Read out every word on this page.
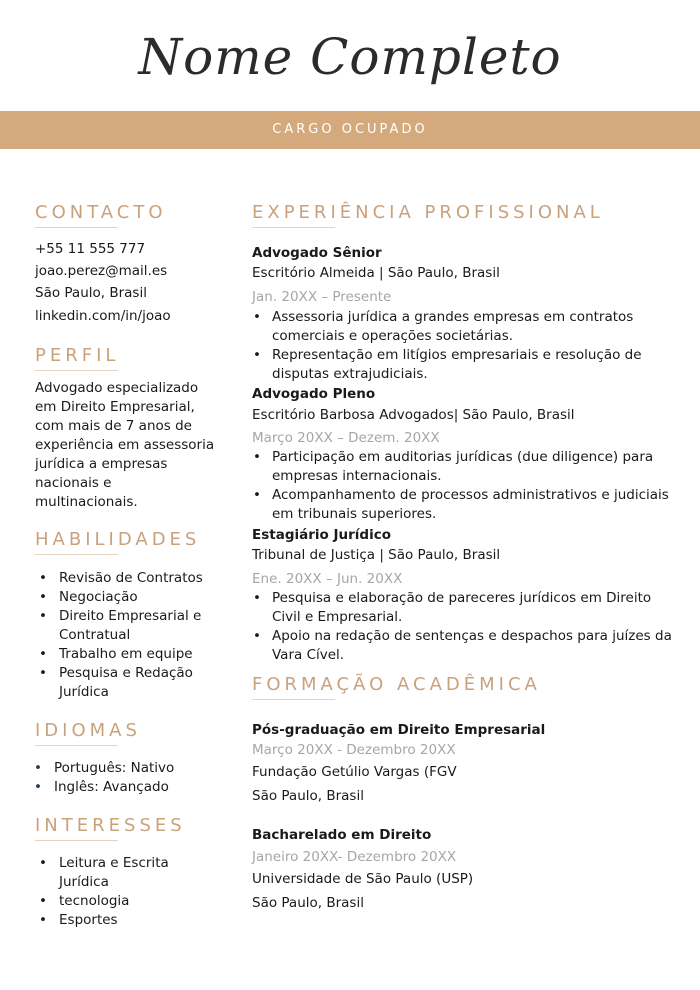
Nome Completo
CARGO OCUPADO
CONTACTO
+55 11 555 777
joao.perez@mail.es
São Paulo, Brasil
linkedin.com/in/joao
PERFIL
Advogado especializado
em Direito Empresarial,
com mais de 7 anos de
experiência em assessoria
jurídica a empresas
nacionais e
multinacionais.
HABILIDADES
• Revisão de Contratos
• Negociação
• Direito Empresarial e Contratual
• Trabalho em equipe
• Pesquisa e Redação Jurídica
IDIOMAS
• Português: Nativo
• Inglês: Avançado
INTERESSES
• Leitura e Escrita Jurídica
• tecnologia
• Esportes
EXPERIÊNCIA PROFISSIONAL
Advogado Sênior
Escritório Almeida | São Paulo, Brasil
Jan. 20XX – Presente
• Assessoria jurídica a grandes empresas em contratos comerciais e operações societárias.
• Representação em litígios empresariais e resolução de disputas extrajudiciais.
Advogado Pleno
Escritório Barbosa Advogados| São Paulo, Brasil
Março 20XX – Dezem. 20XX
• Participação em auditorias jurídicas (due diligence) para empresas internacionais.
• Acompanhamento de processos administrativos e judiciais em tribunais superiores.
Estagiário Jurídico
Tribunal de Justiça | São Paulo, Brasil
Ene. 20XX – Jun. 20XX
• Pesquisa e elaboração de pareceres jurídicos em Direito Civil e Empresarial.
• Apoio na redação de sentenças e despachos para juízes da Vara Cível.
FORMAÇÃO ACADÊMICA
Pós-graduação em Direito Empresarial
Março 20XX - Dezembro 20XX
Fundação Getúlio Vargas (FGV
São Paulo, Brasil
Bacharelado em Direito
Janeiro 20XX- Dezembro 20XX
Universidade de São Paulo (USP)
São Paulo, Brasil
